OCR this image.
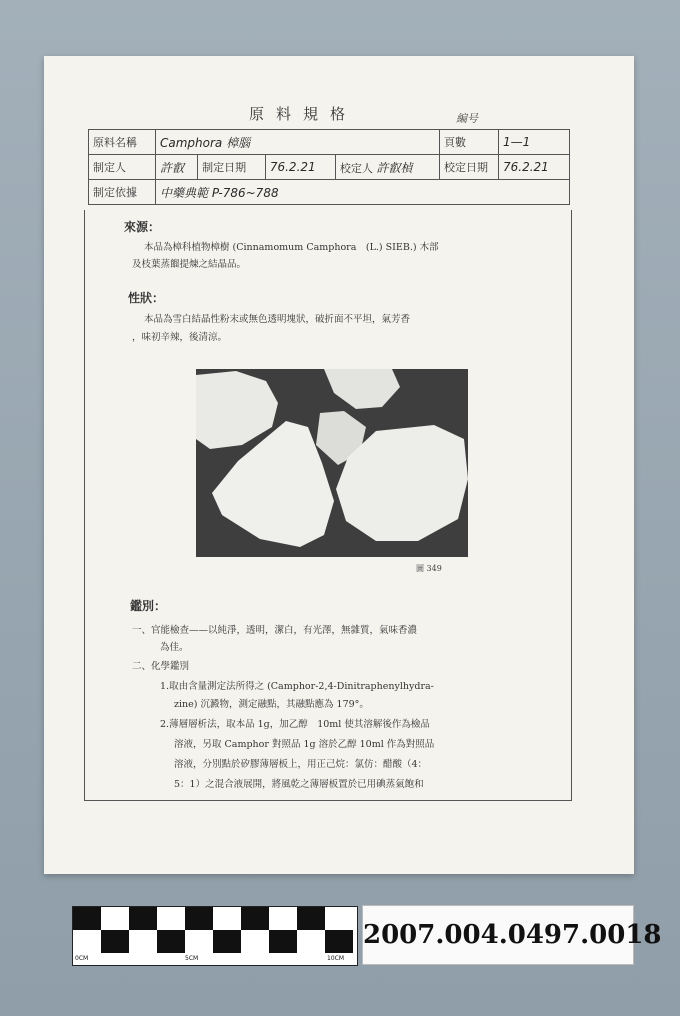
原料規格	編号
原料名稱	Camphora 樟腦				頁數	1—1
制定人	許叡	制定日期	76.2.21	校定人 許叡楨	校定日期	76.2.21
制定依據	中藥典範 P-786~788					
來源：
本品為樟科植物樟樹 (Cinnamomum Camphora　(L.) SIEB.) 木部
及枝葉蒸餾提煉之結晶品。
性狀：
本品為雪白結晶性粉末或無色透明塊狀，破折面不平坦，氣芳香
，味初辛辣，後清涼。
圖 349
鑑別：
一、官能檢查——以純淨，透明，潔白，有光澤，無雜質，氣味香濃
為佳。
二、化學鑑別
1.取由含量測定法所得之 (Camphor-2,4-Dinitraphenylhydra-
zine) 沉澱物，測定融點，其融點應為 179°。
2.薄層層析法，取本品 1g，加乙醇　10ml 使其溶解後作為檢品
溶液，另取 Camphor 對照品 1g 溶於乙醇 10ml 作為對照品
溶液，分別點於矽膠薄層板上，用正己烷：氯仿：醋酸（4：
5：1）之混合液展開，將風乾之薄層板置於已用碘蒸氣飽和
0CM	5CM	10CM
2007.004.0497.0018
